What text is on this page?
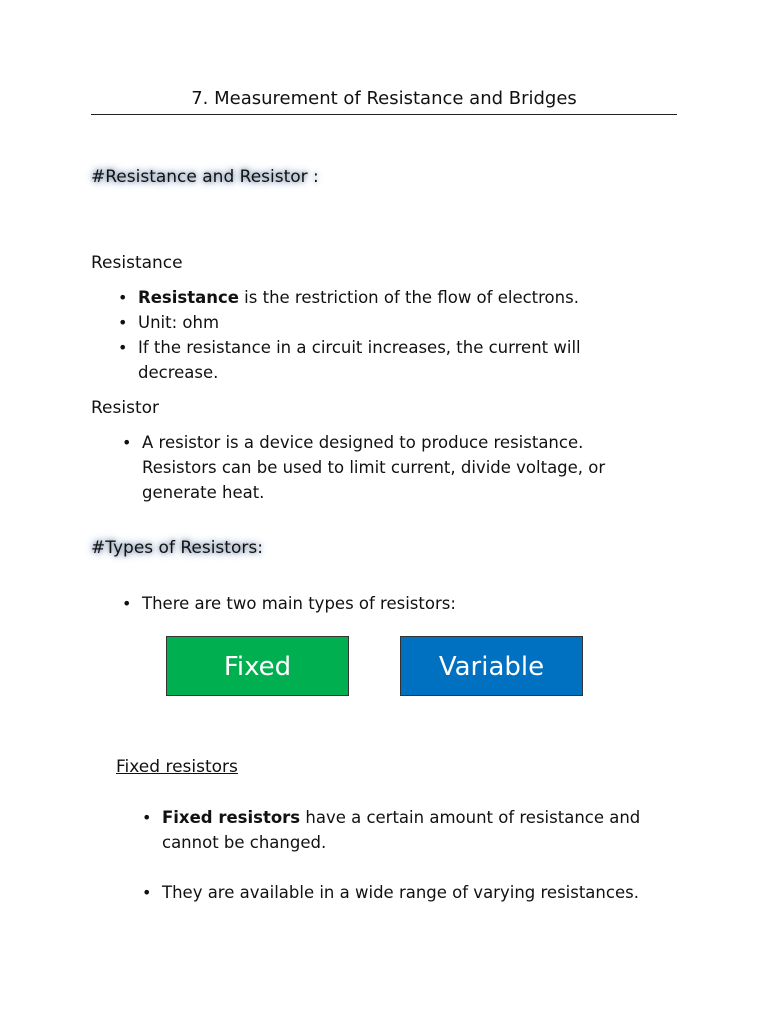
7. Measurement of Resistance and Bridges
#Resistance and Resistor :
Resistance
• Resistance is the restriction of the flow of electrons.
• Unit: ohm
• If the resistance in a circuit increases, the current will decrease.
Resistor
• A resistor is a device designed to produce resistance. Resistors can be used to limit current, divide voltage, or generate heat.
#Types of Resistors:
• There are two main types of resistors:
Fixed	Variable
Fixed resistors
• Fixed resistors have a certain amount of resistance and cannot be changed.
• They are available in a wide range of varying resistances.
